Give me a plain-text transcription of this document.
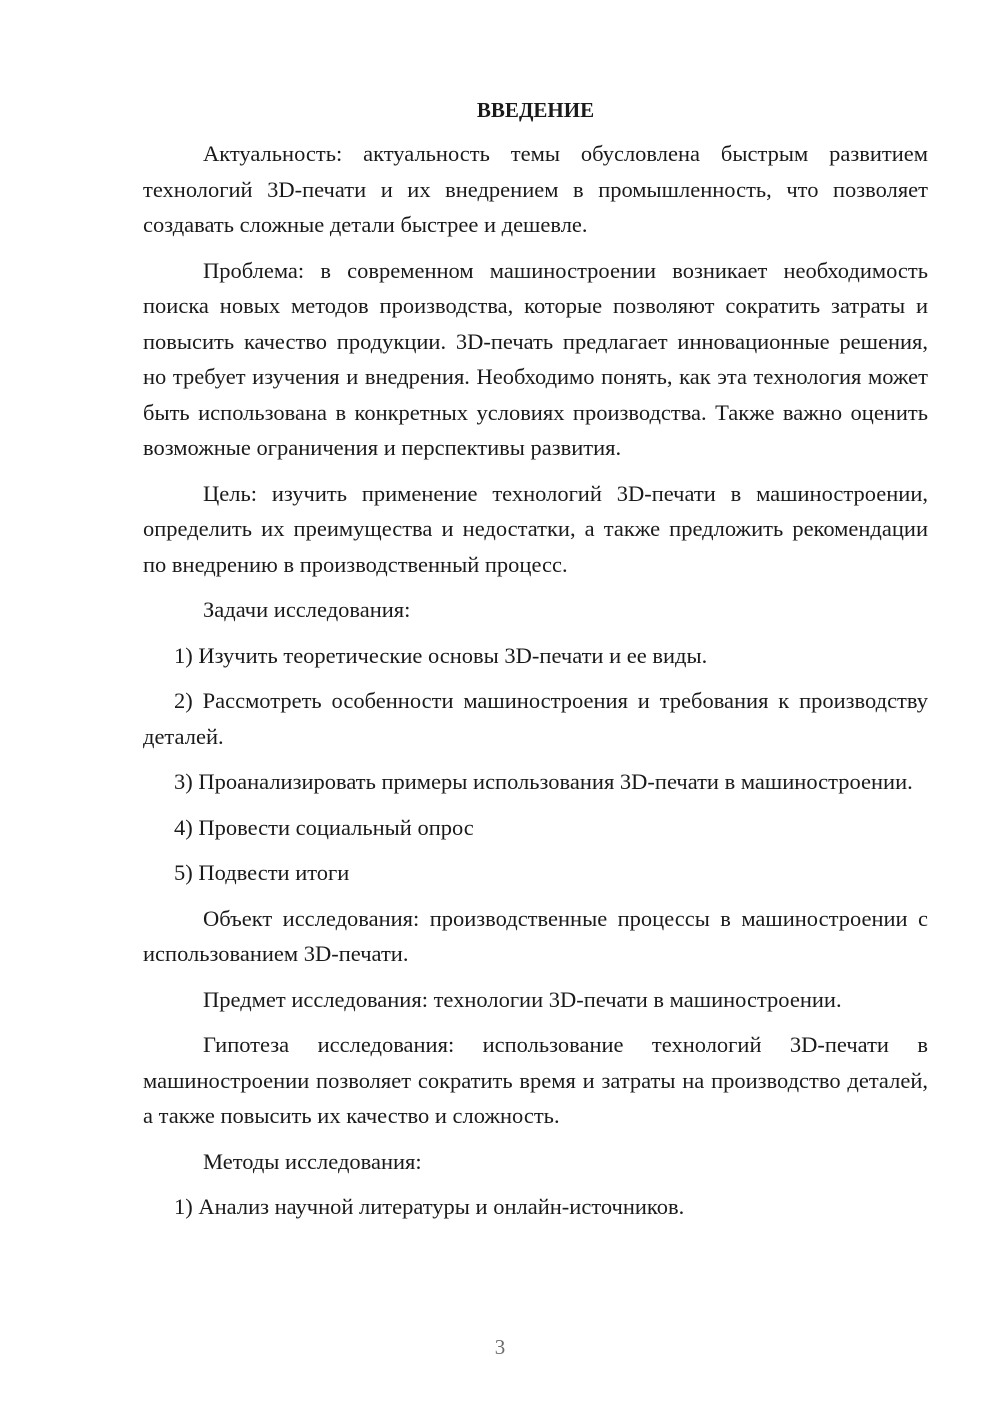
ВВЕДЕНИЕ

Актуальность: актуальность темы обусловлена быстрым развитием технологий 3D-печати и их внедрением в промышленность, что позволяет создавать сложные детали быстрее и дешевле.

Проблема: в современном машиностроении возникает необходимость поиска новых методов производства, которые позволяют сократить затраты и повысить качество продукции. 3D-печать предлагает инновационные решения, но требует изучения и внедрения. Необходимо понять, как эта технология может быть использована в конкретных условиях производства. Также важно оценить возможные ограничения и перспективы развития.

Цель: изучить применение технологий 3D-печати в машиностроении, определить их преимущества и недостатки, а также предложить рекомендации по внедрению в производственный процесс.

Задачи исследования:

1) Изучить теоретические основы 3D-печати и ее виды.

2) Рассмотреть особенности машиностроения и требования к производству деталей.

3) Проанализировать примеры использования 3D-печати в машиностроении.

4) Провести социальный опрос

5) Подвести итоги

Объект исследования: производственные процессы в машиностроении с использованием 3D-печати.

Предмет исследования: технологии 3D-печати в машиностроении.

Гипотеза исследования: использование технологий 3D-печати в машиностроении позволяет сократить время и затраты на производство деталей, а также повысить их качество и сложность.

Методы исследования:

1) Анализ научной литературы и онлайн-источников.

3
